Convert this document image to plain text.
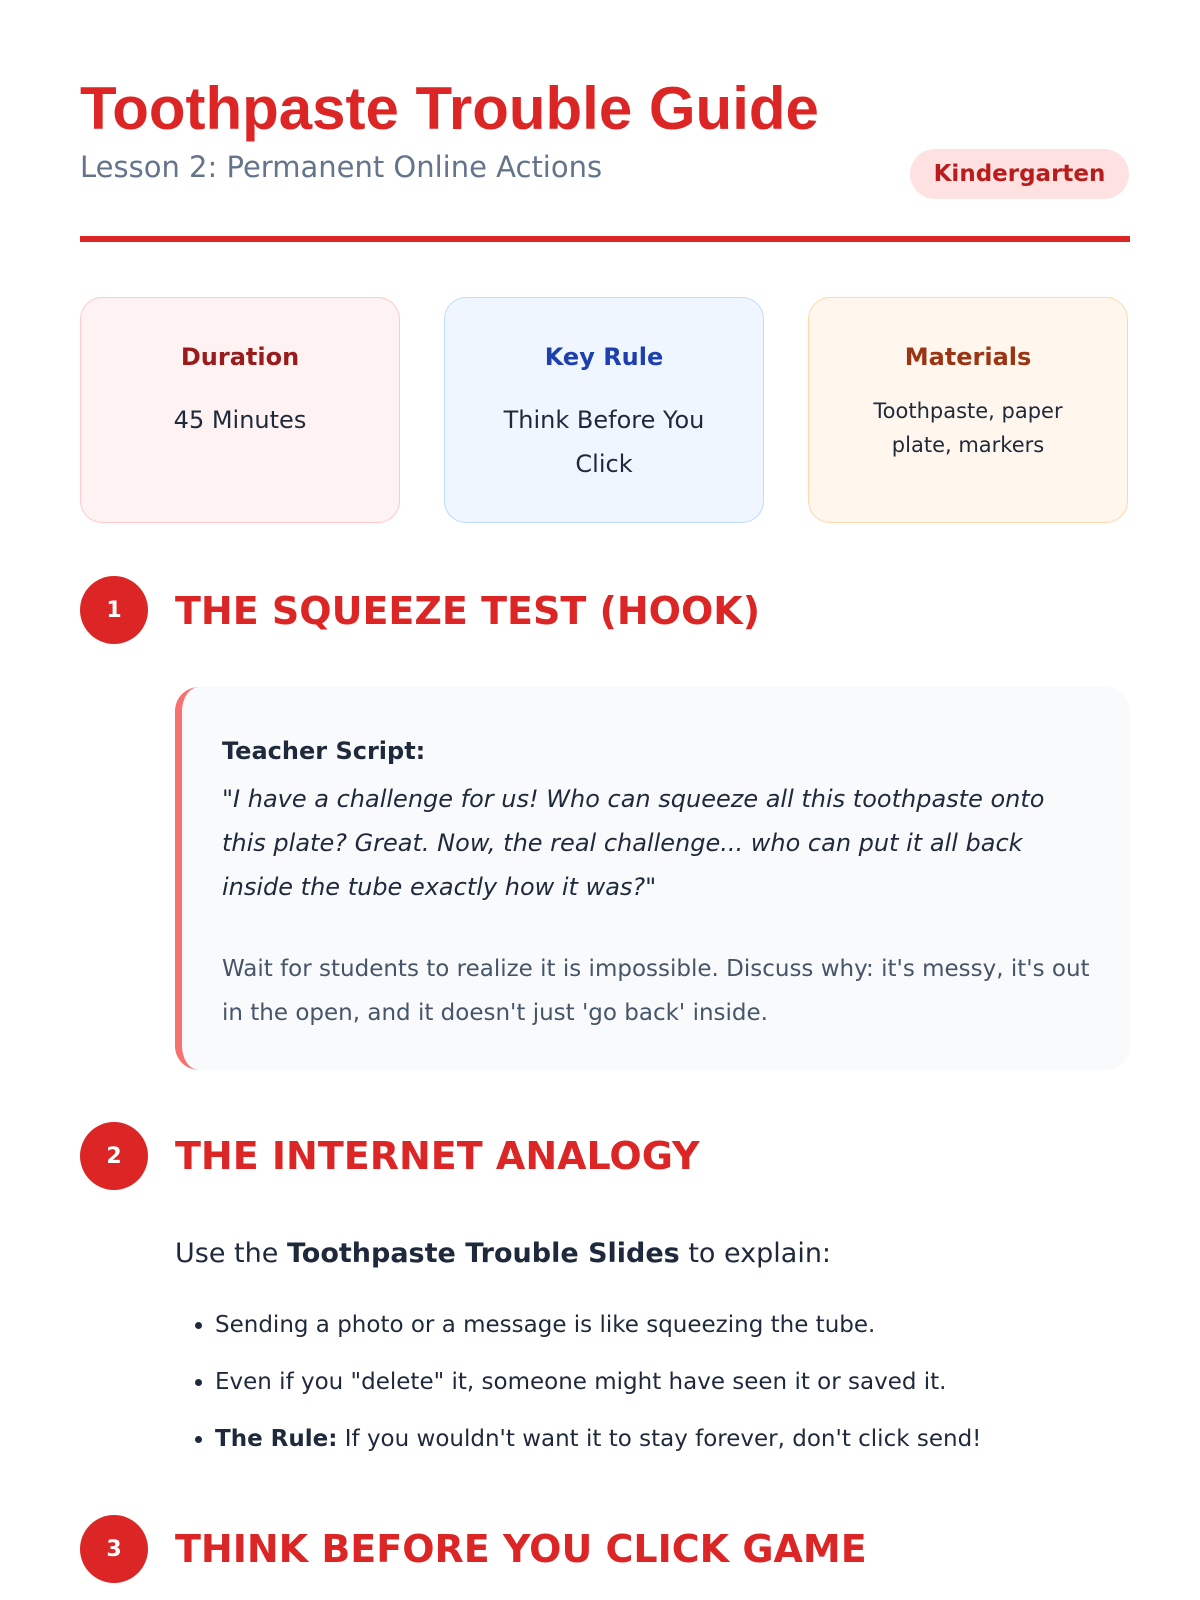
Toothpaste Trouble Guide
Lesson 2: Permanent Online Actions	Kindergarten
Duration
45 Minutes
Key Rule
Think Before You Click
Materials
Toothpaste, paper plate, markers
1	THE SQUEEZE TEST (HOOK)
Teacher Script:
"I have a challenge for us! Who can squeeze all this toothpaste onto this plate? Great. Now, the real challenge... who can put it all back inside the tube exactly how it was?"
Wait for students to realize it is impossible. Discuss why: it's messy, it's out in the open, and it doesn't just 'go back' inside.
2	THE INTERNET ANALOGY
Use the Toothpaste Trouble Slides to explain:
• Sending a photo or a message is like squeezing the tube.
• Even if you "delete" it, someone might have seen it or saved it.
• The Rule: If you wouldn't want it to stay forever, don't click send!
3	THINK BEFORE YOU CLICK GAME
